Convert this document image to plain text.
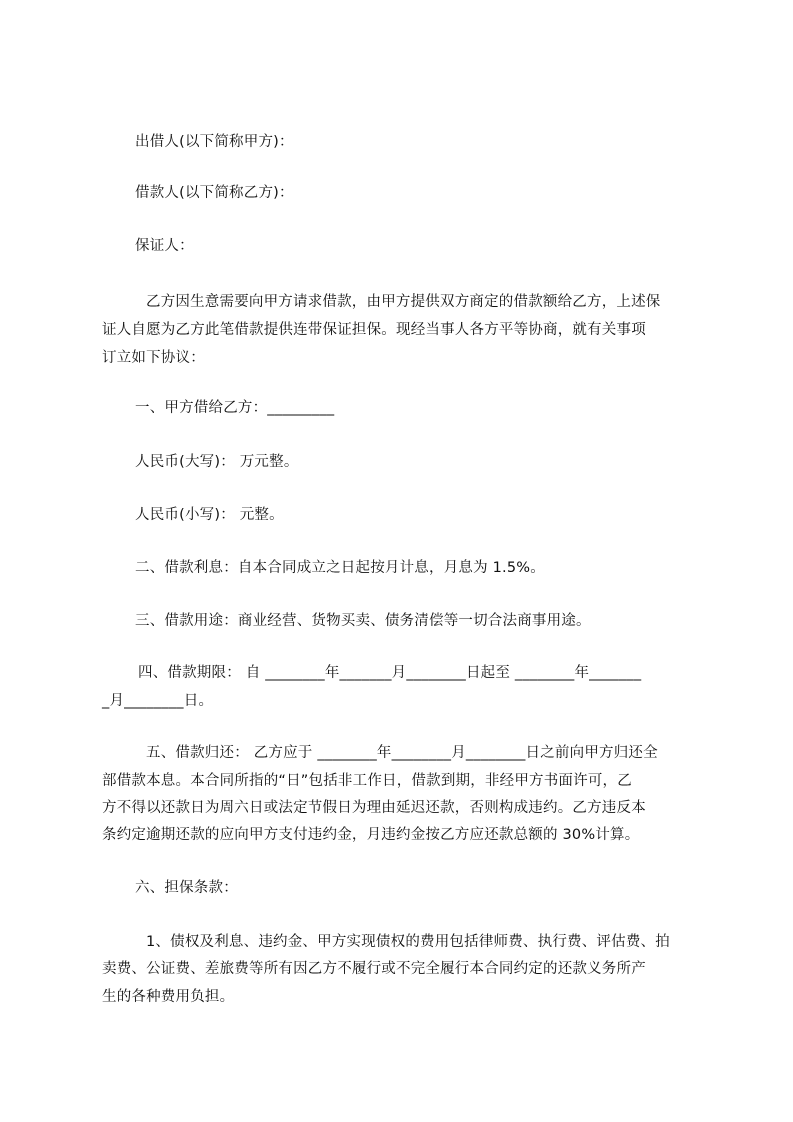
出借人(以下简称甲方)：
借款人(以下简称乙方)：
保证人：
乙方因生意需要向甲方请求借款，由甲方提供双方商定的借款额给乙方，上述保
证人自愿为乙方此笔借款提供连带保证担保。现经当事人各方平等协商，就有关事项
订立如下协议：
一、甲方借给乙方：_________
人民币(大写)： 万元整。
人民币(小写)： 元整。
二、借款利息：自本合同成立之日起按月计息，月息为 1.5%。
三、借款用途：商业经营、货物买卖、债务清偿等一切合法商事用途。
四、借款期限： 自 ________年_______月________日起至 ________年_______
_月________日。
五、借款归还： 乙方应于 ________年________月________日之前向甲方归还全
部借款本息。本合同所指的“日”包括非工作日，借款到期，非经甲方书面许可，乙
方不得以还款日为周六日或法定节假日为理由延迟还款，否则构成违约。乙方违反本
条约定逾期还款的应向甲方支付违约金，月违约金按乙方应还款总额的 30%计算。
六、担保条款：
1、债权及利息、违约金、甲方实现债权的费用包括律师费、执行费、评估费、拍
卖费、公证费、差旅费等所有因乙方不履行或不完全履行本合同约定的还款义务所产
生的各种费用负担。
